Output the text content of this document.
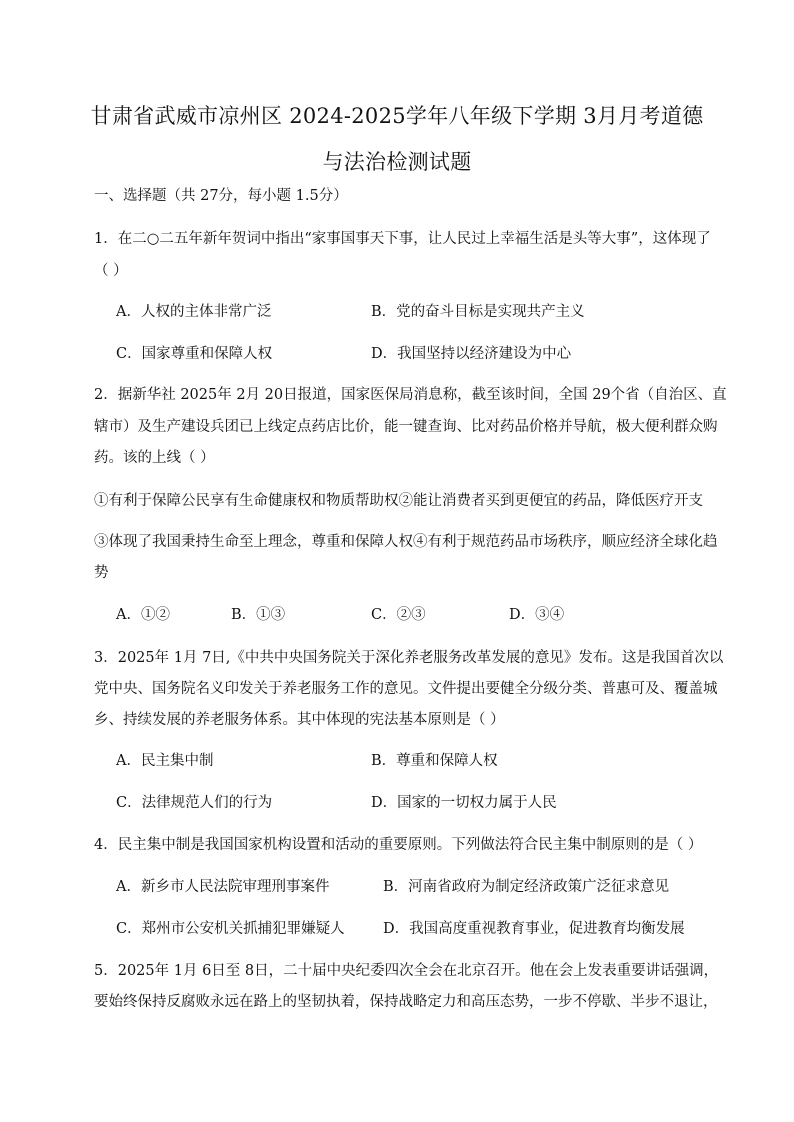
甘肃省武威市凉州区 2024-2025学年八年级下学期 3月月考道德
与法治检测试题
一、选择题（共 27分，每小题 1.5分）
1．在二○二五年新年贺词中指出“家事国事天下事，让人民过上幸福生活是头等大事”，这体现了
（ ）
A．人权的主体非常广泛	B．党的奋斗目标是实现共产主义
C．国家尊重和保障人权	D．我国坚持以经济建设为中心
2．据新华社 2025年 2月 20日报道，国家医保局消息称，截至该时间，全国 29个省（自治区、直
辖市）及生产建设兵团已上线定点药店比价，能一键查询、比对药品价格并导航，极大便利群众购
药。该的上线（ ）
①有利于保障公民享有生命健康权和物质帮助权②能让消费者买到更便宜的药品，降低医疗开支
③体现了我国秉持生命至上理念，尊重和保障人权④有利于规范药品市场秩序，顺应经济全球化趋
势
A．①②	B．①③	C．②③	D．③④
3．2025年 1月 7日,《中共中央国务院关于深化养老服务改革发展的意见》发布。这是我国首次以
党中央、国务院名义印发关于养老服务工作的意见。文件提出要健全分级分类、普惠可及、覆盖城
乡、持续发展的养老服务体系。其中体现的宪法基本原则是（ ）
A．民主集中制	B．尊重和保障人权
C．法律规范人们的行为	D．国家的一切权力属于人民
4．民主集中制是我国国家机构设置和活动的重要原则。下列做法符合民主集中制原则的是（ ）
A．新乡市人民法院审理刑事案件	B．河南省政府为制定经济政策广泛征求意见
C．郑州市公安机关抓捕犯罪嫌疑人	D．我国高度重视教育事业，促进教育均衡发展
5．2025年 1月 6日至 8日，二十届中央纪委四次全会在北京召开。他在会上发表重要讲话强调，
要始终保持反腐败永远在路上的坚韧执着，保持战略定力和高压态势，一步不停歇、半步不退让，
